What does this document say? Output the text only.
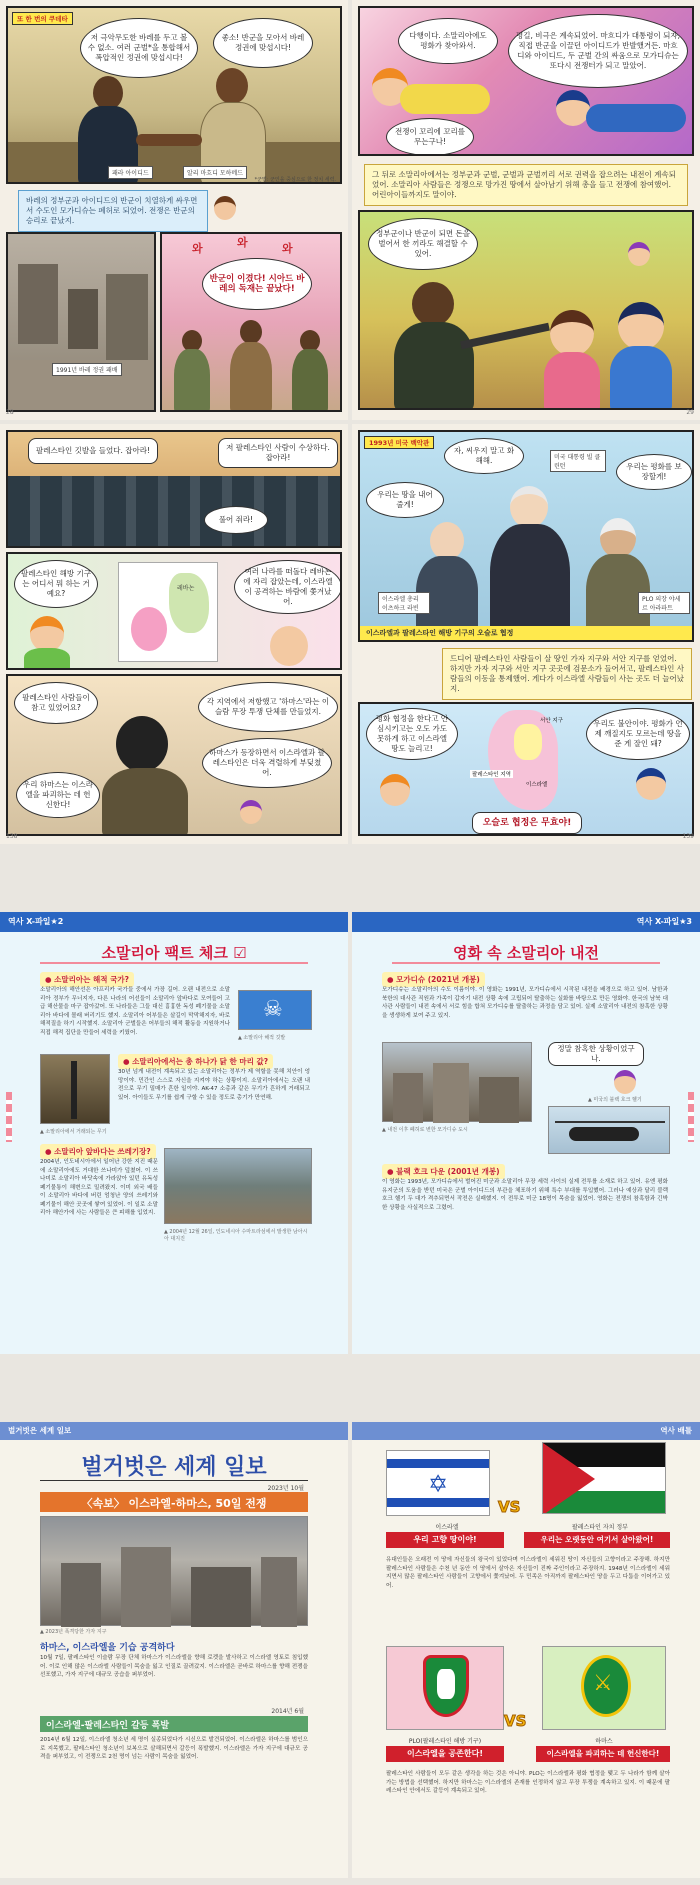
또 한 번의 쿠데타
저 극악무도한 바레를 두고 볼 수 없소. 여러 군벌*을 통합해서 폭압적인 정권에 맞섭시다!
좋소! 반군을 모아서 바레 정권에 맞섭시다!
패라 아이디드	알리 마흐디 모하메드
*군벌: 군인을 중심으로 한 정치 세력.
바레의 정부군과 아이디드의 반군이 치열하게 싸우면서 수도인 모가디슈는 폐허로 되었어. 전쟁은 반군의 승리로 끝났지.
1991년 바레 정권 패배
와	와	와
반군이 이겼다! 시아드 바레의 독재는 끝났다!
28
다행이다. 소말리아에도 평화가 찾아와서.
평길, 비극은 계속되었어. 마흐디가 대통령이 되자, 직접 반군을 이끌던 아이디드가 반발했거든. 마흐디와 아이디드, 두 군벌 간의 싸움으로 모가디슈는 또다시 전쟁터가 되고 말았어.
전쟁이 꼬리에 꼬리를 무는구나!
그 뒤로 소말리아에서는 정부군과 군벌, 군벌과 군벌끼리 서로 권력을 잡으려는 내전이 계속되었어. 소말리아 사람들은 정쟁으로 망가진 땅에서 살아남기 위해 총을 들고 전쟁에 참여했어. 어린아이들까지도 말이야.
정부군이나 반군이 되면 돈을 벌어서 한 끼라도 해결할 수 있어.
29
팔레스타인 깃발을 들었다. 잡아라!	저 팔레스타인 사람이 수상하다. 잡아라!
풀어 줘라!
팔레스타인 해방 기구는 어디서 뭐 하는 거예요?
레바논
여러 나라를 떠돌다 레바논에 자리 잡았는데, 이스라엘이 공격하는 바람에 쫓겨났어.
팔레스타인 사람들이 참고 있었어요?
우리 하마스는 이스라엘을 파괴하는 데 헌신한다!
각 지역에서 저항했고 '하마스'라는 이슬람 무장 투쟁 단체를 만들었지.
하마스가 등장하면서 이스라엘과 팔레스타인은 더욱 격렬하게 부딪쳤어.
138
1993년 미국 백악관
자, 씨우지 말고 화해해.
우리는 땅을 내어 줄게!
우리는 평화를 보장할게!
미국 대통령 빌 클린턴
이스라엘 총리 이츠하크 라빈
PLO 의장 야세르 아라파트
이스라엘과 팔레스타인 해방 기구의 오슬로 협정
드디어 팔레스타인 사람들이 살 땅인 가자 지구와 서안 지구를 얻었어. 하지만 가자 지구와 서안 지구 곳곳에 검문소가 들어서고, 팔레스타인 사람들의 이동을 통제했어. 게다가 이스라엘 사람들이 사는 곳도 더 늘어났지.
평화 협정을 한다고 안심시키고는 오도 가도 못하게 하고 이스라엘 땅도 늘리고!
서안 지구
팔레스타인 지역
이스라엘
우리도 불안이야. 평화가 언제 깨질지도 모르는데 땅을 준 게 잘인 돼?
오슬로 협정은 무효야!
139
역사 X-파일★2
소말리아 팩트 체크 ☑
● 소말리아는 해적 국가?
소말리아의 해안선은 아프리카 국가들 중에서 가장 길어. 오랜 내전으로 소말리아 정부가 무너지자, 다른 나라의 어선들이 소말리아 앞바다로 모여들어 고급 해산물을 마구 잡아갔어. 또 나라들은 그들 대신 흉흉한 독성 폐기물을 소말리아 바다에 몰래 버리기도 했지. 소말리아 어부들은 살길이 막막해지자, 바로 해적질을 하기 시작했지. 소말리아 군벌들은 어부들의 해적 활동을 지원하거나 직접 해적 집단을 만들어 세력을 키웠어.
☠
▲ 소말리아 해적 깃발
▲ 소말리아에서 거래되는 무기
● 소말리아에서는 총 하나가 닭 한 마리 값?
30년 넘게 내전이 계속되고 있는 소말리아는 정부가 제 역할을 못해 치안이 엉망이야. 민간인 스스로 자신을 지켜야 하는 상황이지. 소말리아에서는 오랜 내전으로 무기 밀매가 흔한 일이야. AK-47 소총과 같은 무기가 흔하게 거래되고 있어. 아이들도 무기를 쉽게 구할 수 있을 정도로 총기가 만연해.
● 소말리아 앞바다는 쓰레기장?
2004년, 인도네시아에서 일어난 강한 지진 때문에 소말리아에도 거대한 쓰나미가 덮쳤어. 이 쓰나미로 소말리아 바닷속에 가라앉아 있던 유독성 폐기물통이 해변으로 밀려왔지. 이미 외국 배들이 소말리아 바다에 버린 엄청난 양의 쓰레기와 폐기물이 해안 곳곳에 쌓여 있었어. 이 일로 소말리아 해안가에 사는 사람들은 큰 피해를 입었지.
▲ 2004년 12월 26일, 인도네시아 수마트라섬에서 발생한 남아시아 대지진
역사 X-파일★3
영화 속 소말리아 내전
● 모가디슈 (2021년 개봉)
모가디슈는 소말리아의 수도 이름이야. 이 영화는 1991년, 모가디슈에서 시작된 내전을 배경으로 하고 있어. 남한과 북한의 대사관 직원과 가족이 갑자기 내전 상황 속에 고립되어 탈출하는 실화를 바탕으로 만든 영화야. 한국의 남북 대사관 사람들이 내전 속에서 서로 힘을 합쳐 모가디슈를 탈출하는 과정을 담고 있어. 실제 소말리아 내전의 참혹한 상황을 생생하게 보여 주고 있지.
▲ 내전 이후 폐허로 변한 모가디슈 도시
정말 참혹한 상황이었구나.
▲ 미국의 블랙 호크 헬기
● 블랙 호크 다운 (2001년 개봉)
이 영화는 1993년, 모가디슈에서 벌어진 미군과 소말리아 무장 세력 사이의 실제 전투를 소재로 하고 있어. 유엔 평화 유지군의 도움을 받던 미국은 군벌 아이디드의 부관을 체포하기 위해 특수 부대를 투입했어. 그러나 예상과 달리 블랙 호크 헬기 두 대가 격추되면서 작전은 실패했지. 이 전투로 미군 18명이 목숨을 잃었어. 영화는 전쟁의 참혹함과 긴박한 상황을 사실적으로 그렸어.
벌거벗은 세계 일보
벌거벗은 세계 일보
2023년 10월
〈속보〉 이스라엘-하마스, 50일 전쟁
▲ 2023년 폭격당한 가자 지구
하마스, 이스라엘을 기습 공격하다
10월 7일, 팔레스타인 이슬람 무장 단체 하마스가 이스라엘을 향해 로켓을 발사하고 이스라엘 영토로 침입했어. 이로 인해 많은 이스라엘 사람들이 목숨을 잃고 인질로 끌려갔지. 이스라엘은 곧바로 하마스를 향해 전쟁을 선포했고, 가자 지구에 대규모 공습을 퍼부었어.
2014년 6월
이스라엘-팔레스타인 갈등 폭발
2014년 6월 12일, 이스라엘 청소년 세 명이 실종되었다가 시신으로 발견되었어. 이스라엘은 하마스를 범인으로 지목했고, 팔레스타인 청소년이 보복으로 살해되면서 갈등이 폭발했지. 이스라엘은 가자 지구에 대규모 공격을 퍼부었고, 이 전쟁으로 2천 명이 넘는 사람이 목숨을 잃었어.
역사 배틀
✡
VS
이스라엘
우리 고향 땅이야!
팔레스타인 자치 정부
우리는 오랫동안 여기서 살아왔어!
유대인들은 오래전 이 땅에 자신들의 왕국이 있었다며 이스라엘이 세워진 땅이 자신들의 고향이라고 주장해. 하지만 팔레스타인 사람들은 수천 년 동안 이 땅에서 살아온 자신들이 진짜 주인이라고 주장하지. 1948년 이스라엘이 세워지면서 많은 팔레스타인 사람들이 고향에서 쫓겨났어. 두 민족은 아직까지 팔레스타인 땅을 두고 다툼을 이어가고 있어.
⚔
VS
PLO(팔레스타인 해방 기구)
이스라엘을 공존한다!
하마스
이스라엘을 파괴하는 데 헌신한다!
팔레스타인 사람들이 모두 같은 생각을 하는 것은 아니야. PLO는 이스라엘과 평화 협정을 맺고 두 나라가 함께 살아가는 방법을 선택했어. 하지만 하마스는 이스라엘의 존재를 인정하지 않고 무장 투쟁을 계속하고 있지. 이 때문에 팔레스타인 안에서도 갈등이 계속되고 있어.
